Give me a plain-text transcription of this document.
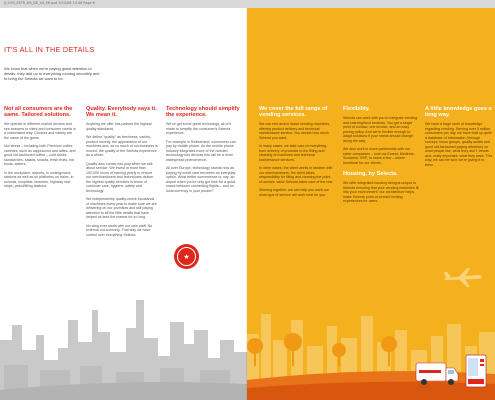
D_ESR_ESTR_GB_DE_V4_06.qxd 5/12/06 14:48 Page 6
IT'S ALL IN THE DETAILS
We know that when we're paying guest attention to details, they add up to everything running smoothly and to bring the Selecta we want to be.
Not all consumers are the same. Tailored solutions.

We operate in different market sectors and see answers to client and consumer needs in a customised way. Choices and variety are the name of the game.

Not stress – including both Premium coffee varieties, such as cappuccino and lattes, and good old-fashioned coffee – cold drinks, sandwiches, salads, snacks, fresh fruits, hot foods, waters.

In the workplace, airports, in underground stations as well as on platforms on trains, in schools, hospitals, factories, highway rest stops, petrol/filling stations.

Quality. Everybody says it. We mean it.

Anything we offer has passed the highest quality standards.

We define "quality" as freshness, variety, product novelty, the appearance of our machines and, as so much of our business is moved, the quality of the Selecta experience as a whole.

Quality also comes into play when we talk about service. We invest in more than 100,000 hours of training yearly to ensure our merchandisers and technicians deliver the highest quality services in terms of customer care, hygiene, safety and technology.

We independently quality-check thousands of machines every year to make sure we are delivering on our promises and still paying attention to all the little details that have helped us lead the market for so long.

No wing ever starts with our own staff. No external out-sourcing. That way we have control over everything Selecta.

Technology should simplify the experience.

We've got some great technology, all of it made to simplify the consumer's Selecta experience.

For example in Switzerland, consumers can pay by mobile phone. As the mobile phone industry integrates more of the needed technology into devices this will be a more widespread phenomenon.

All over Europe, technology stands now as paying by credit card becomes an everyday option. What better convenience is, say, an airport when you're only got time for a quick snack between connecting flights – and no local currency in your pocket?

★
We cover the full range of vending services.

We can rent and/or lease vending machines, offering product delivery and technical maintenance service. You decide how much Selecta you want.

In many cases, we take care of everything, from delivery of products to the filling and cleaning of machines and technical maintenance services.

In other cases, the client works in tandem with our merchandisers: the client takes responsibility for filling and cleaning the point-of-service, while Selecta takes care of the rest.

Working together, we can help you work out what type of service will work best for you.

Flexibility.

Selecta can work with you to integrate vending and catering/food services. You get a single point of contact, one invoice, and an easy pricing policy. And we're flexible enough to adapt solutions if your needs should change along the way.

We also work in close partnership with our sister companies – such as Eurest, Medirest, Scolarest, SSP, to name a few – where beneficial for our clients.

Housing, by Selecta.

We offer integrated housing designs unique to Selecta ensuring that your vending machines fit into your environment: our architecture helps make Selecta point-of-service inviting experiences for users.

A little knowledge goes a long way.

We have a huge store of knowledge regarding vending. Serving over 5 million consumers per day, we have built up quite a database of information (through surveys, focus groups, quality audits and good old-fashioned paying attention) on what people like, what they don't, trends and, really important, what they want. This way, we can be sure we're giving it to them.
